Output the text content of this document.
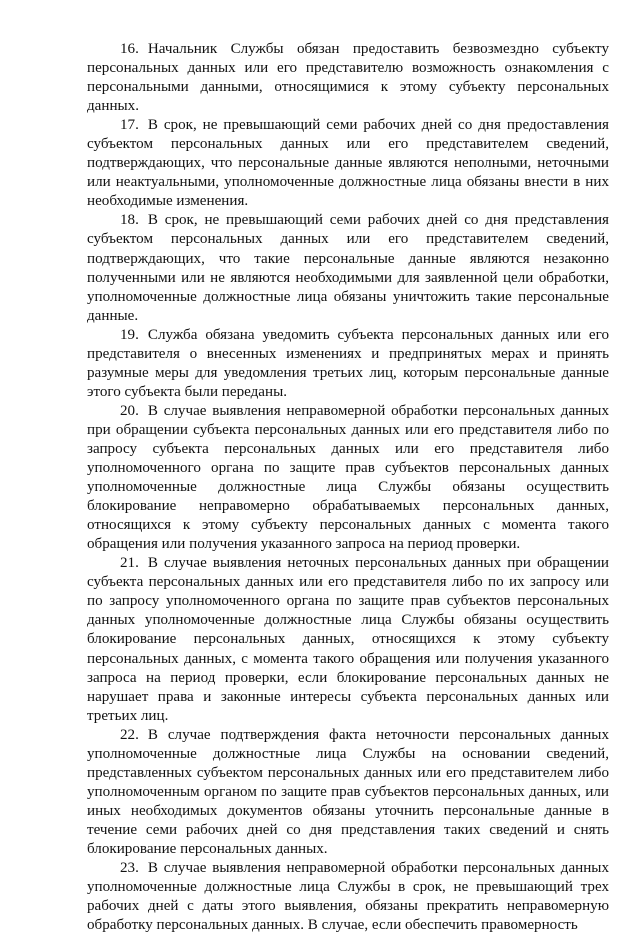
16. Начальник Службы обязан предоставить безвозмездно субъекту персональных данных или его представителю возможность ознакомления с персональными данными, относящимися к этому субъекту персональных данных.

17. В срок, не превышающий семи рабочих дней со дня предоставления субъектом персональных данных или его представителем сведений, подтверждающих, что персональные данные являются неполными, неточными или неактуальными, уполномоченные должностные лица обязаны внести в них необходимые изменения.

18. В срок, не превышающий семи рабочих дней со дня представления субъектом персональных данных или его представителем сведений, подтверждающих, что такие персональные данные являются незаконно полученными или не являются необходимыми для заявленной цели обработки, уполномоченные должностные лица обязаны уничтожить такие персональные данные.

19. Служба обязана уведомить субъекта персональных данных или его представителя о внесенных изменениях и предпринятых мерах и принять разумные меры для уведомления третьих лиц, которым персональные данные этого субъекта были переданы.

20. В случае выявления неправомерной обработки персональных данных при обращении субъекта персональных данных или его представителя либо по запросу субъекта персональных данных или его представителя либо уполномоченного органа по защите прав субъектов персональных данных уполномоченные должностные лица Службы обязаны осуществить блокирование неправомерно обрабатываемых персональных данных, относящихся к этому субъекту персональных данных с момента такого обращения или получения указанного запроса на период проверки.

21. В случае выявления неточных персональных данных при обращении субъекта персональных данных или его представителя либо по их запросу или по запросу уполномоченного органа по защите прав субъектов персональных данных уполномоченные должностные лица Службы обязаны осуществить блокирование персональных данных, относящихся к этому субъекту персональных данных, с момента такого обращения или получения указанного запроса на период проверки, если блокирование персональных данных не нарушает права и законные интересы субъекта персональных данных или третьих лиц.

22. В случае подтверждения факта неточности персональных данных уполномоченные должностные лица Службы на основании сведений, представленных субъектом персональных данных или его представителем либо уполномоченным органом по защите прав субъектов персональных данных, или иных необходимых документов обязаны уточнить персональные данные в течение семи рабочих дней со дня представления таких сведений и снять блокирование персональных данных.

23. В случае выявления неправомерной обработки персональных данных уполномоченные должностные лица Службы в срок, не превышающий трех рабочих дней с даты этого выявления, обязаны прекратить неправомерную обработку персональных данных. В случае, если обеспечить правомерность
